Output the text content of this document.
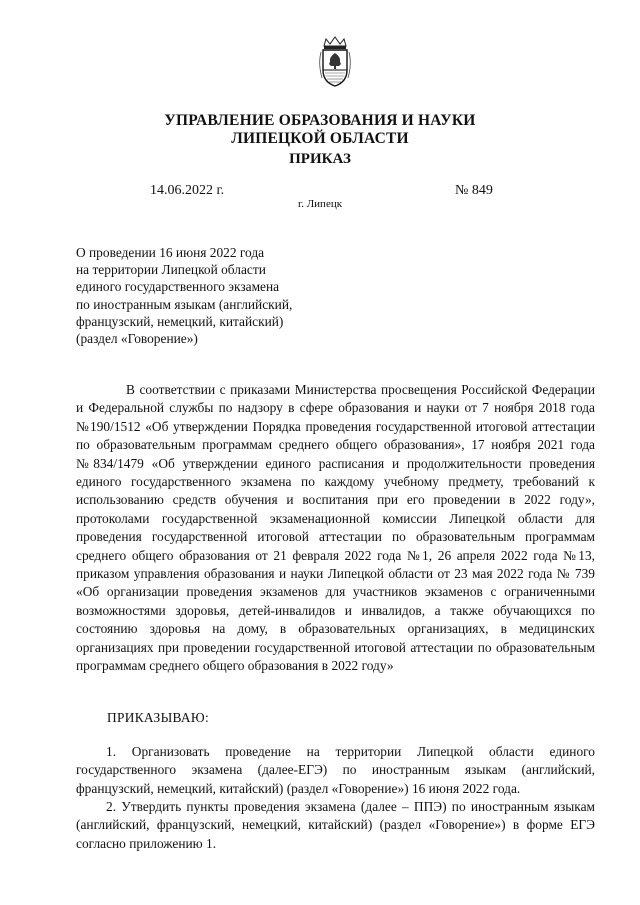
УПРАВЛЕНИЕ ОБРАЗОВАНИЯ И НАУКИ
ЛИПЕЦКОЙ ОБЛАСТИ
ПРИКАЗ
14.06.2022 г.	№ 849
г. Липецк

О проведении 16 июня 2022 года
на территории Липецкой области
единого государственного экзамена
по иностранным языкам (английский,
французский, немецкий, китайский)
(раздел «Говорение»)

В соответствии с приказами Министерства просвещения Российской Федерации и Федеральной службы по надзору в сфере образования и науки от 7 ноября 2018 года №190/1512 «Об утверждении Порядка проведения государственной итоговой аттестации по образовательным программам среднего общего образования», 17 ноября 2021 года №834/1479 «Об утверждении единого расписания и продолжительности проведения единого государственного экзамена по каждому учебному предмету, требований к использованию средств обучения и воспитания при его проведении в 2022 году», протоколами государственной экзаменационной комиссии Липецкой области для проведения государственной итоговой аттестации по образовательным программам среднего общего образования от 21 февраля 2022 года №1, 26 апреля 2022 года №13, приказом управления образования и науки Липецкой области от 23 мая 2022 года № 739 «Об организации проведения экзаменов для участников экзаменов с ограниченными возможностями здоровья, детей-инвалидов и инвалидов, а также обучающихся по состоянию здоровья на дому, в образовательных организациях, в медицинских организациях при проведении государственной итоговой аттестации по образовательным программам среднего общего образования в 2022 году»

ПРИКАЗЫВАЮ:

1. Организовать проведение на территории Липецкой области единого государственного экзамена (далее-ЕГЭ) по иностранным языкам (английский, французский, немецкий, китайский) (раздел «Говорение») 16 июня 2022 года.

2. Утвердить пункты проведения экзамена (далее – ППЭ) по иностранным языкам (английский, французский, немецкий, китайский) (раздел «Говорение») в форме ЕГЭ согласно приложению 1.
